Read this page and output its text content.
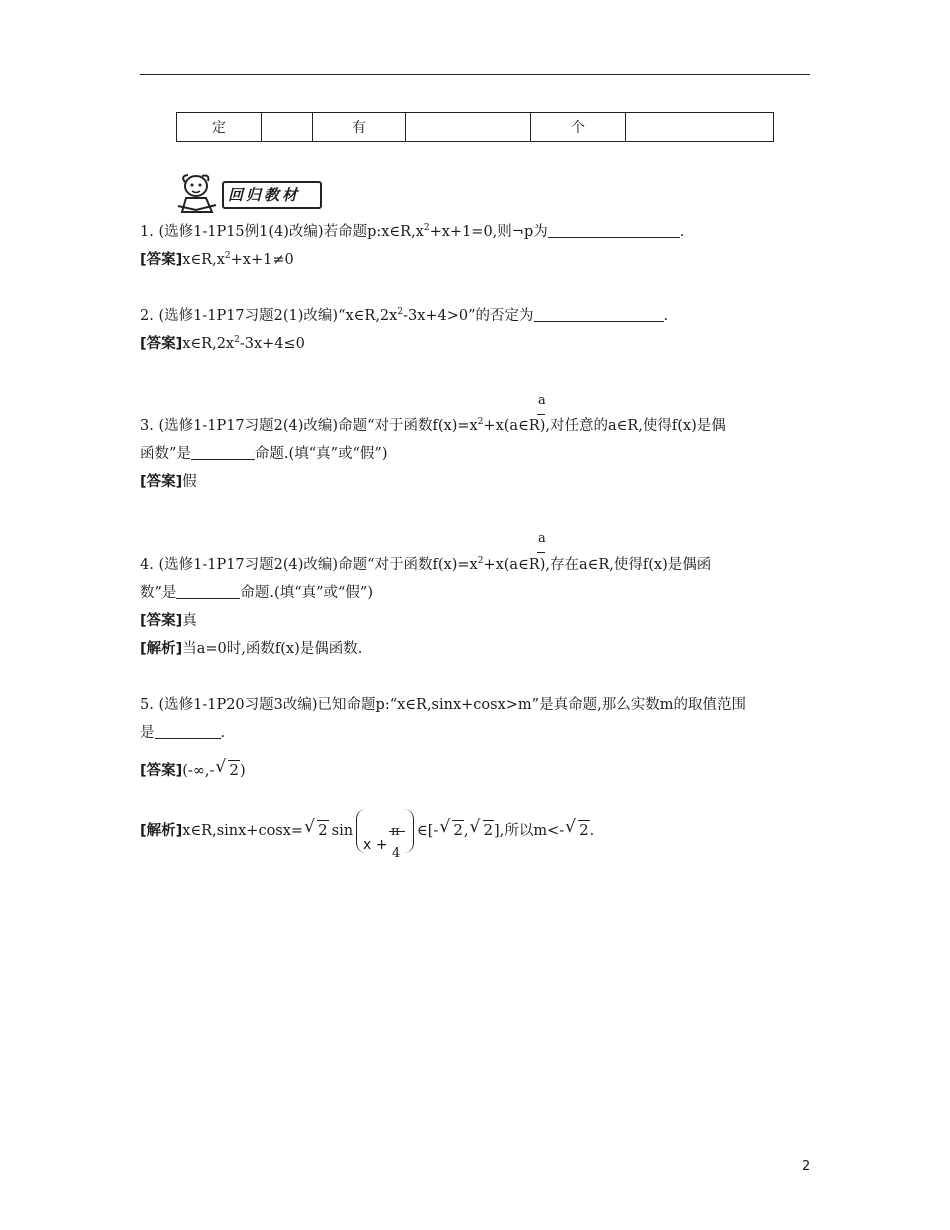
定		有		个	
回归教材
1. (选修1-1P15例1(4)改编)若命题$p:x\in R,x^2+x+1=0$,则¬p为	.
[答案]$x\in R,x^2+x+1\ne 0$
2. (选修1-1P17习题2(1)改编)“$x\in R,2x^2-3x+4>0$”的否定为	.
[答案]$x\in R,2x^2-3x+4\le 0$
a
3. (选修1-1P17习题2(4)改编)命题“对于函数$f(x)=x^2+x(a\in R)$,对任意的a∈R,使得f(x)是偶
函数”是	命题.(填“真”或“假”)
[答案]假
a
4. (选修1-1P17习题2(4)改编)命题“对于函数$f(x)=x^2+x(a\in R)$,存在a∈R,使得f(x)是偶函
数”是	命题.(填“真”或“假”)
[答案]真
[解析]当a=0时,函数f(x)是偶函数.
5. (选修1-1P20习题3改编)已知命题p:“x∈R,sinx+cosx>m”是真命题,那么实数m的取值范围
是	.
[答案](-∞,- √ 2)
[解析]x∈R,sinx+cosx= √ 2 sin
x +
π
4
∈[- √ 2, √ 2],所以m<- √ 2.
2
